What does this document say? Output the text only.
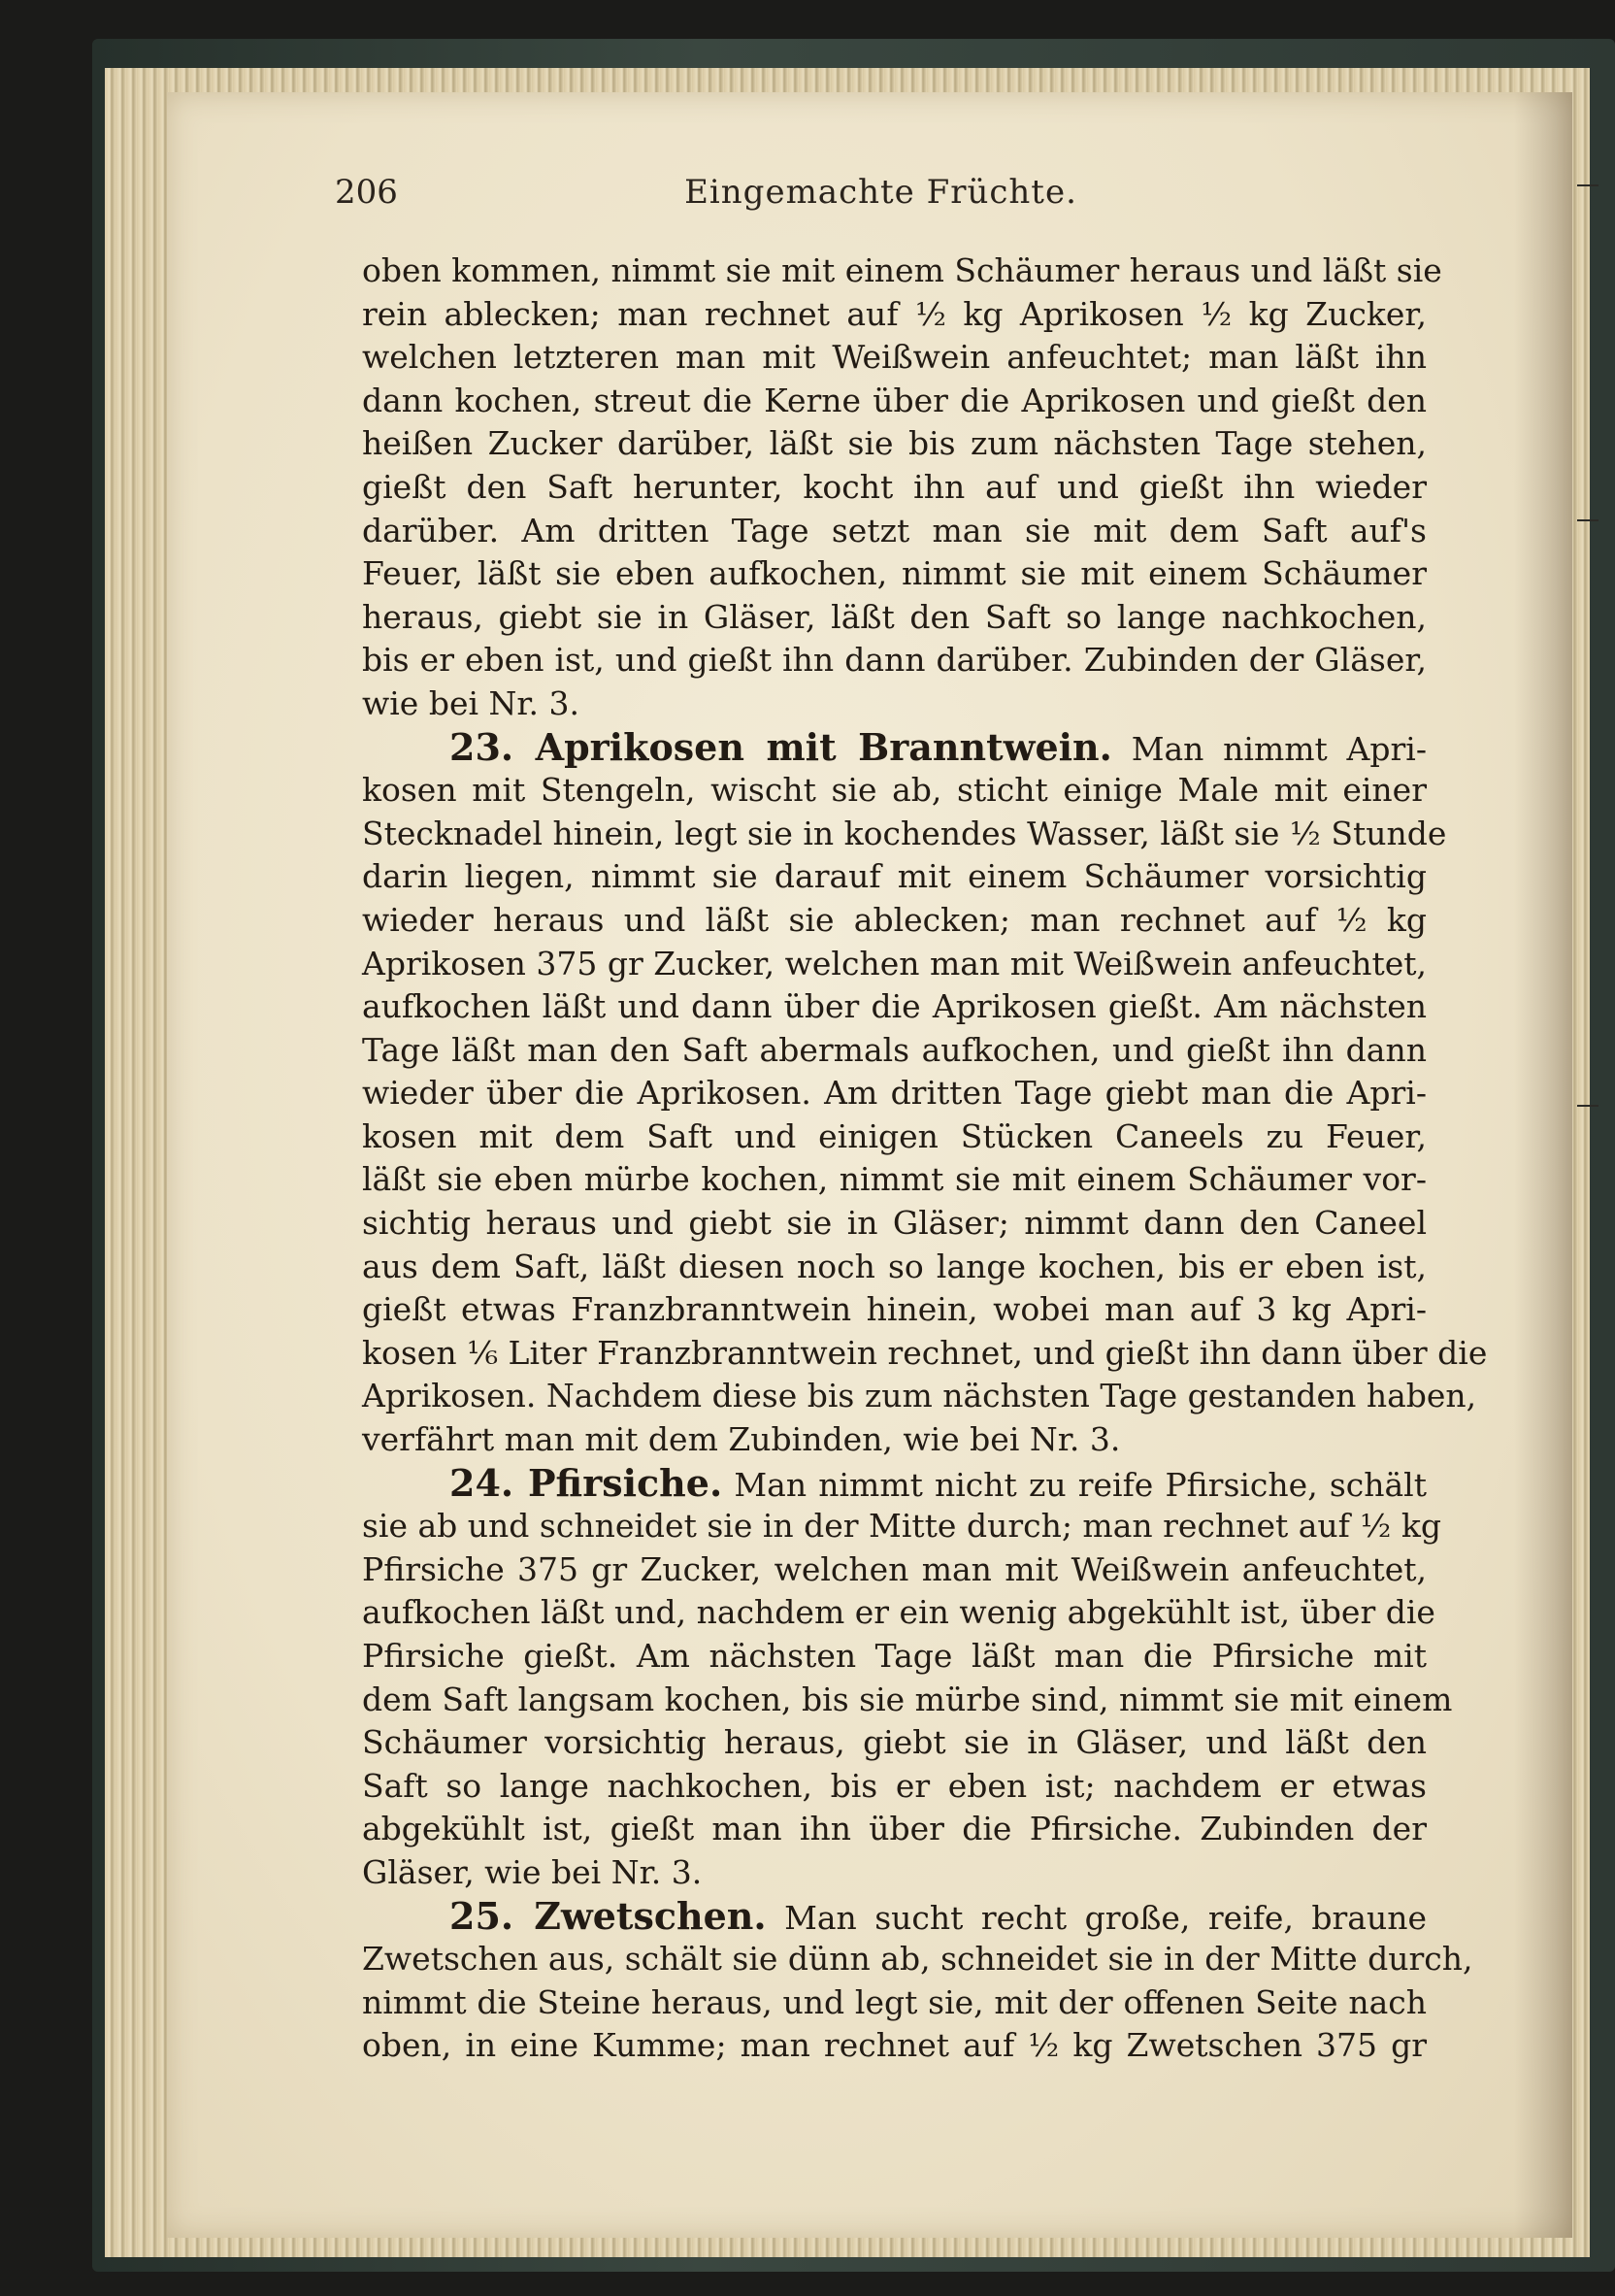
206	Eingemachte Früchte.
oben kommen, nimmt sie mit einem Schäumer heraus und läßt sie
rein ablecken; man rechnet auf ½ kg Aprikosen ½ kg Zucker,
welchen letzteren man mit Weißwein anfeuchtet; man läßt ihn
dann kochen, streut die Kerne über die Aprikosen und gießt den
heißen Zucker darüber, läßt sie bis zum nächsten Tage stehen,
gießt den Saft herunter, kocht ihn auf und gießt ihn wieder
darüber. Am dritten Tage setzt man sie mit dem Saft auf's
Feuer, läßt sie eben aufkochen, nimmt sie mit einem Schäumer
heraus, giebt sie in Gläser, läßt den Saft so lange nachkochen,
bis er eben ist, und gießt ihn dann darüber. Zubinden der Gläser,
wie bei Nr. 3.
23. Aprikosen mit Branntwein. Man nimmt Apri-
kosen mit Stengeln, wischt sie ab, sticht einige Male mit einer
Stecknadel hinein, legt sie in kochendes Wasser, läßt sie ½ Stunde
darin liegen, nimmt sie darauf mit einem Schäumer vorsichtig
wieder heraus und läßt sie ablecken; man rechnet auf ½ kg
Aprikosen 375 gr Zucker, welchen man mit Weißwein anfeuchtet,
aufkochen läßt und dann über die Aprikosen gießt. Am nächsten
Tage läßt man den Saft abermals aufkochen, und gießt ihn dann
wieder über die Aprikosen. Am dritten Tage giebt man die Apri-
kosen mit dem Saft und einigen Stücken Caneels zu Feuer,
läßt sie eben mürbe kochen, nimmt sie mit einem Schäumer vor-
sichtig heraus und giebt sie in Gläser; nimmt dann den Caneel
aus dem Saft, läßt diesen noch so lange kochen, bis er eben ist,
gießt etwas Franzbranntwein hinein, wobei man auf 3 kg Apri-
kosen ⅙ Liter Franzbranntwein rechnet, und gießt ihn dann über die
Aprikosen. Nachdem diese bis zum nächsten Tage gestanden haben,
verfährt man mit dem Zubinden, wie bei Nr. 3.
24. Pfirsiche. Man nimmt nicht zu reife Pfirsiche, schält
sie ab und schneidet sie in der Mitte durch; man rechnet auf ½ kg
Pfirsiche 375 gr Zucker, welchen man mit Weißwein anfeuchtet,
aufkochen läßt und, nachdem er ein wenig abgekühlt ist, über die
Pfirsiche gießt. Am nächsten Tage läßt man die Pfirsiche mit
dem Saft langsam kochen, bis sie mürbe sind, nimmt sie mit einem
Schäumer vorsichtig heraus, giebt sie in Gläser, und läßt den
Saft so lange nachkochen, bis er eben ist; nachdem er etwas
abgekühlt ist, gießt man ihn über die Pfirsiche. Zubinden der
Gläser, wie bei Nr. 3.
25. Zwetschen. Man sucht recht große, reife, braune
Zwetschen aus, schält sie dünn ab, schneidet sie in der Mitte durch,
nimmt die Steine heraus, und legt sie, mit der offenen Seite nach
oben, in eine Kumme; man rechnet auf ½ kg Zwetschen 375 gr
